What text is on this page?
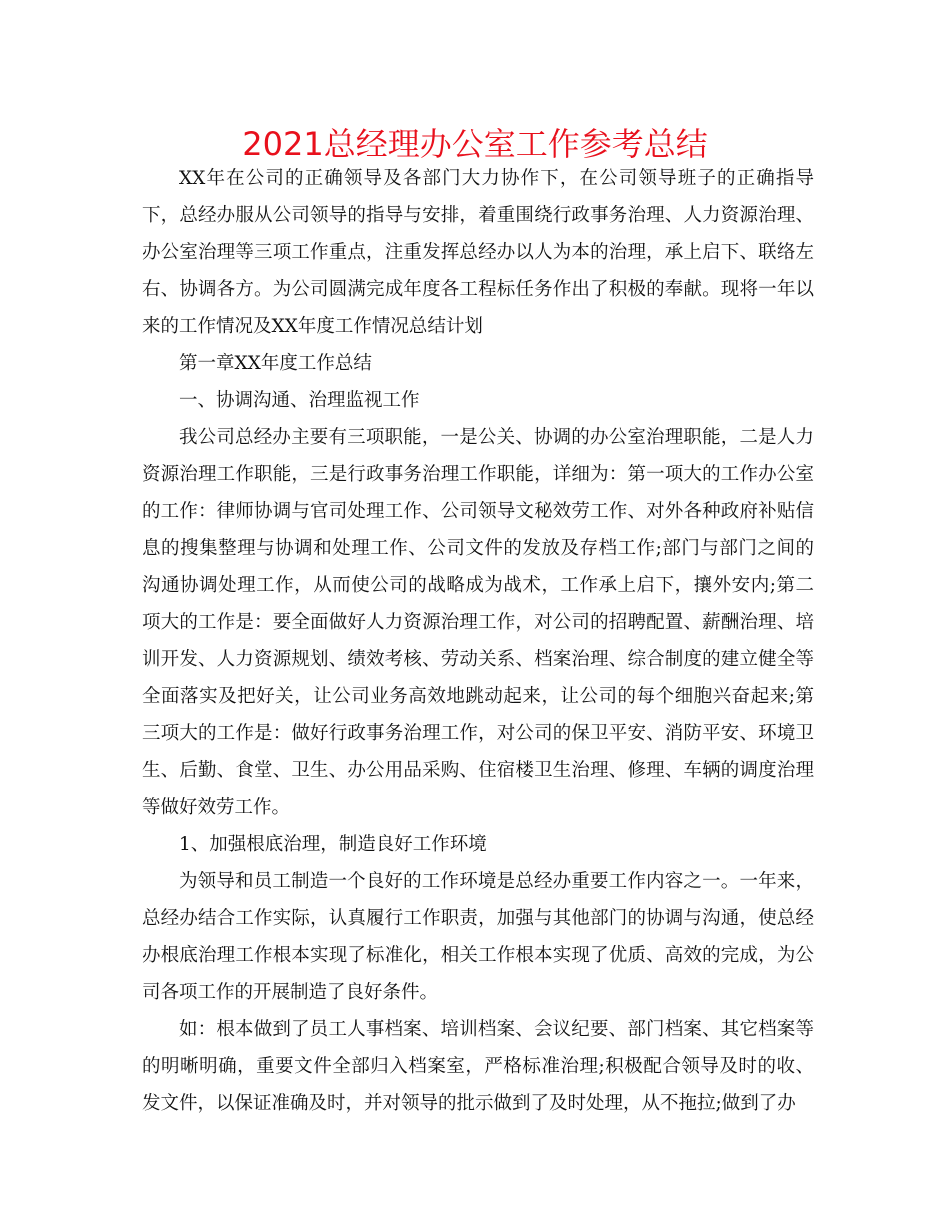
2021总经理办公室工作参考总结

XX年在公司的正确领导及各部门大力协作下，在公司领导班子的正确指导下，总经办服从公司领导的指导与安排，着重围绕行政事务治理、人力资源治理、办公室治理等三项工作重点，注重发挥总经办以人为本的治理，承上启下、联络左右、协调各方。为公司圆满完成年度各工程标任务作出了积极的奉献。现将一年以来的工作情况及XX年度工作情况总结计划

第一章XX年度工作总结

一、协调沟通、治理监视工作

我公司总经办主要有三项职能，一是公关、协调的办公室治理职能，二是人力资源治理工作职能，三是行政事务治理工作职能，详细为：第一项大的工作办公室的工作：律师协调与官司处理工作、公司领导文秘效劳工作、对外各种政府补贴信息的搜集整理与协调和处理工作、公司文件的发放及存档工作;部门与部门之间的沟通协调处理工作，从而使公司的战略成为战术，工作承上启下，攘外安内;第二项大的工作是：要全面做好人力资源治理工作，对公司的招聘配置、薪酬治理、培训开发、人力资源规划、绩效考核、劳动关系、档案治理、综合制度的建立健全等全面落实及把好关，让公司业务高效地跳动起来，让公司的每个细胞兴奋起来;第三项大的工作是：做好行政事务治理工作，对公司的保卫平安、消防平安、环境卫生、后勤、食堂、卫生、办公用品采购、住宿楼卫生治理、修理、车辆的调度治理等做好效劳工作。

1、加强根底治理，制造良好工作环境

为领导和员工制造一个良好的工作环境是总经办重要工作内容之一。一年来，总经办结合工作实际，认真履行工作职责，加强与其他部门的协调与沟通，使总经办根底治理工作根本实现了标准化，相关工作根本实现了优质、高效的完成，为公司各项工作的开展制造了良好条件。

如：根本做到了员工人事档案、培训档案、会议纪要、部门档案、其它档案等的明晰明确，重要文件全部归入档案室，严格标准治理;积极配合领导及时的收、发文件，以保证准确及时，并对领导的批示做到了及时处理，从不拖拉;做到了办
